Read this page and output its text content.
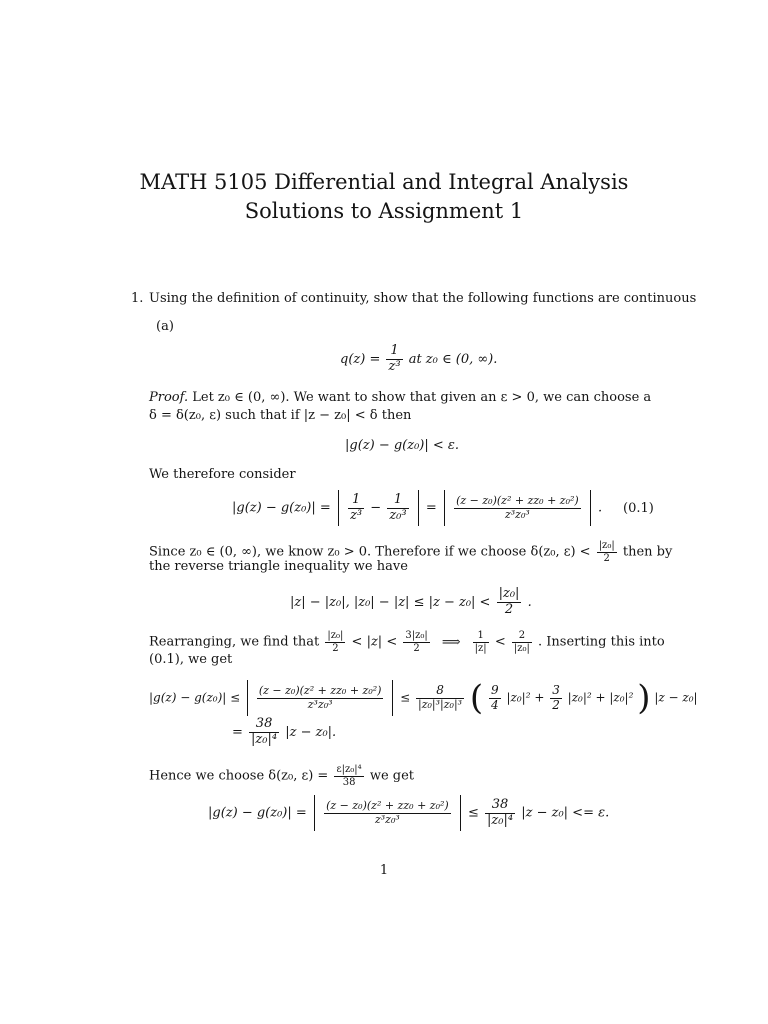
MATH 5105 Differential and Integral Analysis
Solutions to Assignment 1
1. Using the definition of continuity, show that the following functions are continuous
(a)
$q(z) = \frac{1}{\text{z³}}$ at z₀ ∈ (0, ∞).
Proof. Let z₀ ∈ (0, ∞). We want to show that given an ε > 0, we can choose a
δ = δ(z₀, ε) such that if |z − z₀| < δ then
|g(z) − g(z₀)| < ε.
We therefore consider
$|g(z) - g(z_0)| = \frac{1}{\text{z³}} - \frac{1}{\text{z₀³}} = \frac{\text{(z − z₀)(z² + zz₀ + z₀²)}}{\text{z³z₀³}}$ . (0.1)
Since z₀ ∈ (0, ∞), we know z₀ > 0. Therefore if we choose δ(z₀, $\varepsilon) < \frac{\text{|z₀|}}{2}$ then by
the reverse triangle inequality we have
|z| − |z₀|, $|z_0| - |z| \le |z - z_0| < \frac{\text{|z₀|}}{2}$ .
Rearranging, we find that $\frac{\text{|z₀|}}{2} < |z| < \frac{\text{3|z₀|}}{2}$ ⟹ $\frac{1}{|z|} < \frac{2}{\text{|z₀|}}$ . Inserting this into
(0.1), we get
$|g(z) - g(z_0)| \le \frac{\text{(z − z₀)(z² + zz₀ + z₀²)}}{\text{z³z₀³}} \le \frac{8}{\text{|z₀|³|z₀|³}}$ ( $\frac{9}{4} |z_0|^2 + \frac{3}{2} |z_0|^2 + |z_0|^2$ ) |z − z₀|
= $\frac{38}{\text{|z₀|⁴}} |z - z_0|$.
Hence we choose δ(z₀, $\varepsilon) = \frac{\text{ε|z₀|⁴}}{38}$ we get
$|g(z) - g(z_0)| = \frac{\text{(z − z₀)(z² + zz₀ + z₀²)}}{\text{z³z₀³}} \le \frac{38}{\text{|z₀|⁴}} |z - z_0| <= \varepsilon$.
1
